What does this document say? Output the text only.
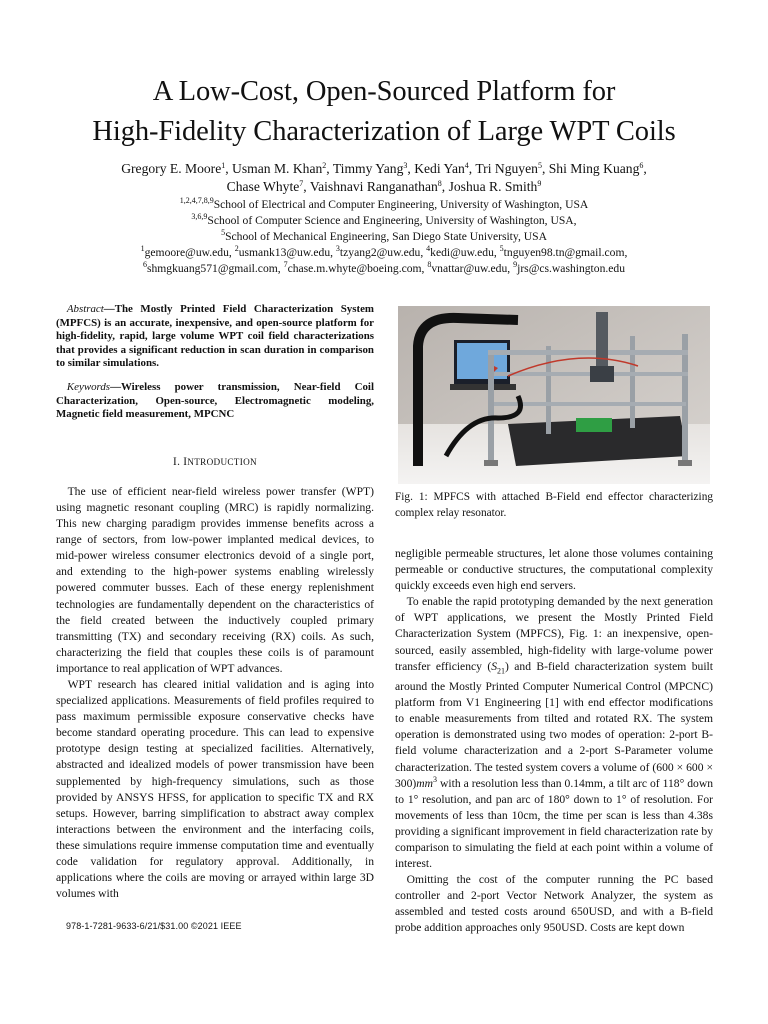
A Low-Cost, Open-Sourced Platform for
High-Fidelity Characterization of Large WPT Coils
Gregory E. Moore$^1$, Usman M. Khan$^2$, Timmy Yang$^3$, Kedi Yan$^4$, Tri Nguyen$^5$, Shi Ming Kuang$^6$,
Chase Whyte$^7$, Vaishnavi Ranganathan$^8$, Joshua R. Smith$^9$
$^{1,2,4,7,8,9}$School of Electrical and Computer Engineering, University of Washington, USA
$^{3,6,9}$School of Computer Science and Engineering, University of Washington, USA,
$^5$School of Mechanical Engineering, San Diego State University, USA
$^1$gemoore@uw.edu, $^2$usmank13@uw.edu, $^3$tzyang2@uw.edu, $^4$kedi@uw.edu, $^5$tnguyen98.tn@gmail.com,
$^6$shmgkuang571@gmail.com, $^7$chase.m.whyte@boeing.com, $^8$vnattar@uw.edu, $^9$jrs@cs.washington.edu

Abstract—The Mostly Printed Field Characterization System (MPFCS) is an accurate, inexpensive, and open-source platform for high-fidelity, rapid, large volume WPT coil field characterizations that provides a significant reduction in scan duration in comparison to similar simulations.

Keywords—Wireless power transmission, Near-field Coil Characterization, Open-source, Electromagnetic modeling, Magnetic field measurement, MPCNC

I. INTRODUCTION

The use of efficient near-field wireless power transfer (WPT) using magnetic resonant coupling (MRC) is rapidly normalizing. This new charging paradigm provides immense benefits across a range of sectors, from low-power implanted medical devices, to mid-power wireless consumer electronics devoid of a single port, and extending to the high-power systems enabling wirelessly powered commuter busses. Each of these energy replenishment technologies are fundamentally dependent on the characteristics of the field created between the inductively coupled primary transmitting (TX) and secondary receiving (RX) coils. As such, characterizing the field that couples these coils is of paramount importance to real application of WPT advances.

WPT research has cleared initial validation and is aging into specialized applications. Measurements of field profiles required to pass maximum permissible exposure conservative checks have become standard operating procedure. This can lead to expensive prototype design testing at specialized facilities. Alternatively, abstracted and idealized models of power transmission have been supplemented by high-frequency simulations, such as those provided by ANSYS HFSS, for application to specific TX and RX setups. However, barring simplification to abstract away complex interactions between the environment and the interfacing coils, these simulations require immense computation time and eventually code validation for regulatory approval. Additionally, in applications where the coils are moving or arrayed within large 3D volumes with

978-1-7281-9633-6/21/$31.00 ©2021 IEEE
Fig. 1: MPFCS with attached B-Field end effector characterizing complex relay resonator.

negligible permeable structures, let alone those volumes containing permeable or conductive structures, the computational complexity quickly exceeds even high end servers.

To enable the rapid prototyping demanded by the next generation of WPT applications, we present the Mostly Printed Field Characterization System (MPFCS), Fig. 1: an inexpensive, open-sourced, easily assembled, high-fidelity with large-volume power transfer efficiency $(S_{21})$ and B-field characterization system built around the Mostly Printed Computer Numerical Control (MPCNC) platform from V1 Engineering [1] with end effector modifications to enable measurements from tilted and rotated RX. The system operation is demonstrated using two modes of operation: 2-port B-field volume characterization and a 2-port S-Parameter volume characterization. The tested system covers a volume of $(600 \times 600 \times 300)mm^3$ with a resolution less than 0.14mm, a tilt arc of 118° down to 1° resolution, and pan arc of 180° down to 1° of resolution. For movements of less than 10cm, the time per scan is less than 4.38s providing a significant improvement in field characterization rate by comparison to simulating the field at each point within a volume of interest.

Omitting the cost of the computer running the PC based controller and 2-port Vector Network Analyzer, the system as assembled and tested costs around 650USD, and with a B-field probe addition approaches only 950USD. Costs are kept down
